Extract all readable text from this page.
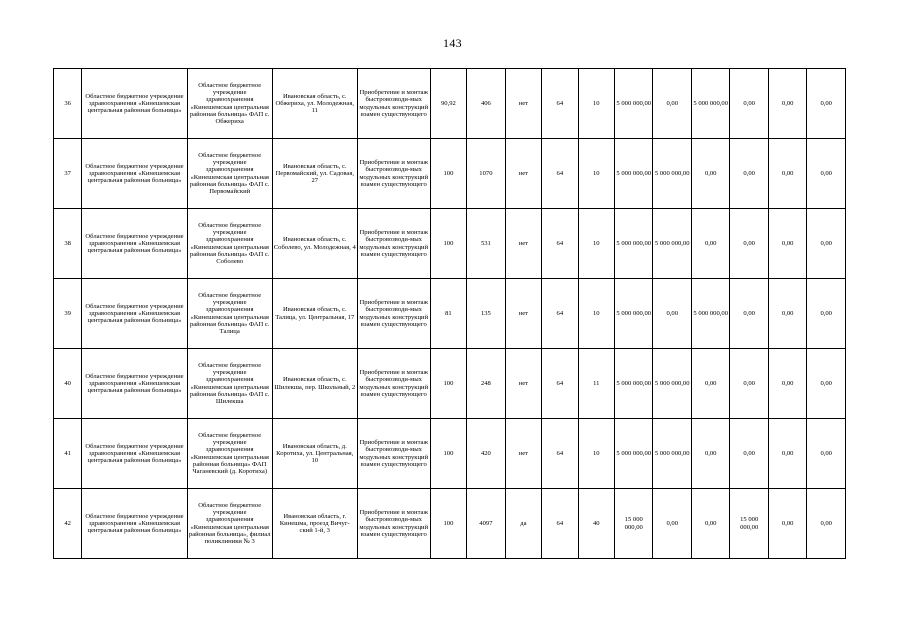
143
36	Областное бюджетное учреждение здравоохранения «Кинешемская центральная районная больница»	Областное бюджетное учреждение здравоохранения «Кинешемская центральная районная больница» ФАП с. Обжериха	Ивановская область, с. Обжериха, ул. Молодежная, 11	Приобретение и монтаж быстровозводи-мых модульных конструкций взамен существующего	90,92	406	нет	64	10	5 000 000,00	0,00	5 000 000,00	0,00	0,00	0,00
37	Областное бюджетное учреждение здравоохранения «Кинешемская центральная районная больница»	Областное бюджетное учреждение здравоохранения «Кинешемская центральная районная больница» ФАП с. Первомайский	Ивановская область, с. Первомайский, ул. Садовая, 27	Приобретение и монтаж быстровозводи-мых модульных конструкций взамен существующего	100	1070	нет	64	10	5 000 000,00	5 000 000,00	0,00	0,00	0,00	0,00
38	Областное бюджетное учреждение здравоохранения «Кинешемская центральная районная больница»	Областное бюджетное учреждение здравоохранения «Кинешемская центральная районная больница» ФАП с. Соболево	Ивановская область, с. Соболево, ул. Молодежная, 4	Приобретение и монтаж быстровозводи-мых модульных конструкций взамен существующего	100	531	нет	64	10	5 000 000,00	5 000 000,00	0,00	0,00	0,00	0,00
39	Областное бюджетное учреждение здравоохранения «Кинешемская центральная районная больница»	Областное бюджетное учреждение здравоохранения «Кинешемская центральная районная больница» ФАП с. Талица	Ивановская область, с. Талица, ул. Центральная, 17	Приобретение и монтаж быстровозводи-мых модульных конструкций взамен существующего	81	135	нет	64	10	5 000 000,00	0,00	5 000 000,00	0,00	0,00	0,00
40	Областное бюджетное учреждение здравоохранения «Кинешемская центральная районная больница»	Областное бюджетное учреждение здравоохранения «Кинешемская центральная районная больница» ФАП с. Шилекша	Ивановская область, с. Шилекша, пер. Школьный, 2	Приобретение и монтаж быстровозводи-мых модульных конструкций взамен существующего	100	248	нет	64	11	5 000 000,00	5 000 000,00	0,00	0,00	0,00	0,00
41	Областное бюджетное учреждение здравоохранения «Кинешемская центральная районная больница»	Областное бюджетное учреждение здравоохранения «Кинешемская центральная районная больница» ФАП Чаганевский (д. Коротиха)	Ивановская область, д. Коротиха, ул. Центральная, 10	Приобретение и монтаж быстровозводи-мых модульных конструкций взамен существующего	100	420	нет	64	10	5 000 000,00	5 000 000,00	0,00	0,00	0,00	0,00
42	Областное бюджетное учреждение здравоохранения «Кинешемская центральная районная больница»	Областное бюджетное учреждение здравоохранения «Кинешемская центральная районная больница», филиал поликлиники № 3	Ивановская область, г. Кинешма, проезд Вичуг-ский 1-й, 3	Приобретение и монтаж быстровозводи-мых модульных конструкций взамен существующего	100	4097	да	64	40	15 000 000,00	0,00	0,00	15 000 000,00	0,00	0,00
